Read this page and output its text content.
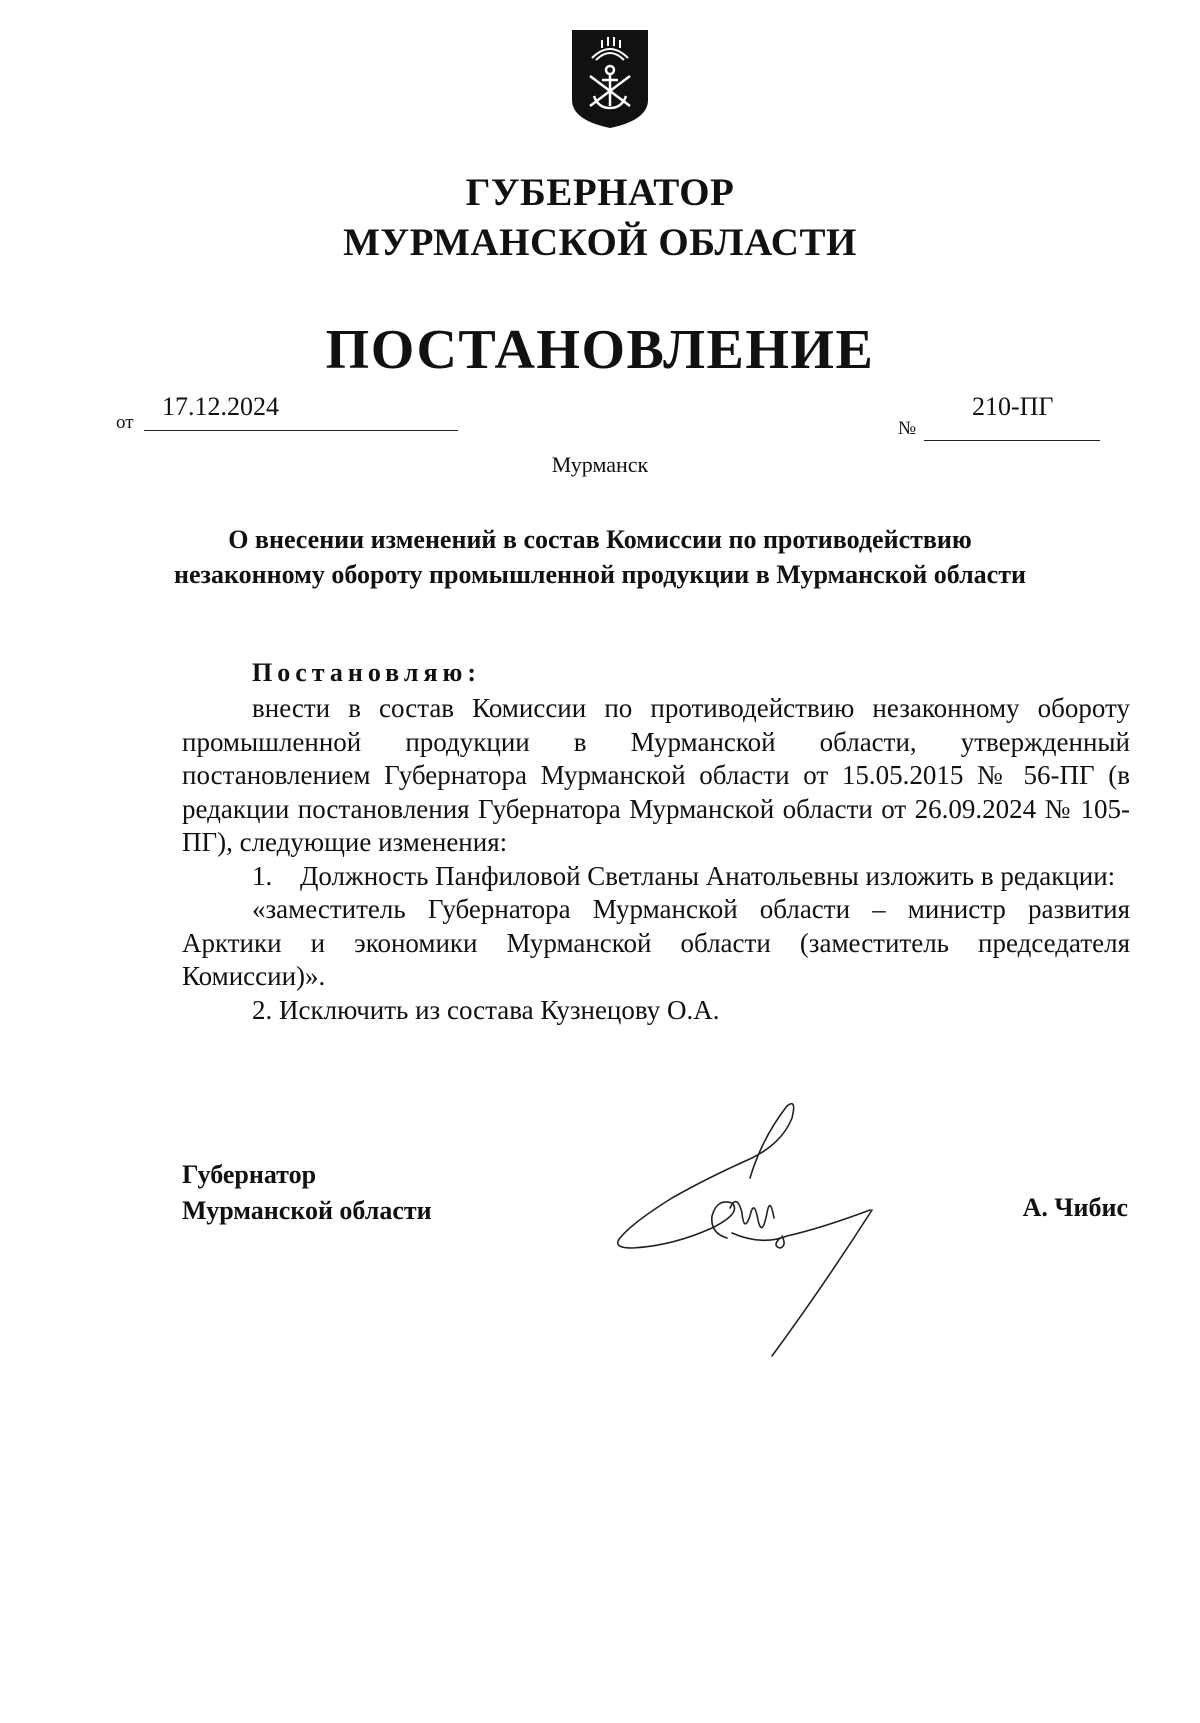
ГУБЕРНАТОР
МУРМАНСКОЙ ОБЛАСТИ
ПОСТАНОВЛЕНИЕ
от
17.12.2024
№
210-ПГ
Мурманск
О внесении изменений в состав Комиссии по противодействию незаконному обороту промышленной продукции в Мурманской области
Постановляю:

внести в состав Комиссии по противодействию незаконному обороту промышленной продукции в Мурманской области, утвержденный постановлением Губернатора Мурманской области от 15.05.2015 № 56-ПГ (в редакции постановления Губернатора Мурманской области от 26.09.2024 № 105-ПГ), следующие изменения:

1. Должность Панфиловой Светланы Анатольевны изложить в редакции:

«заместитель Губернатора Мурманской области – министр развития Арктики и экономики Мурманской области (заместитель председателя Комиссии)».

2. Исключить из состава Кузнецову О.А.

Губернатор
Мурманской области	А. Чибис
